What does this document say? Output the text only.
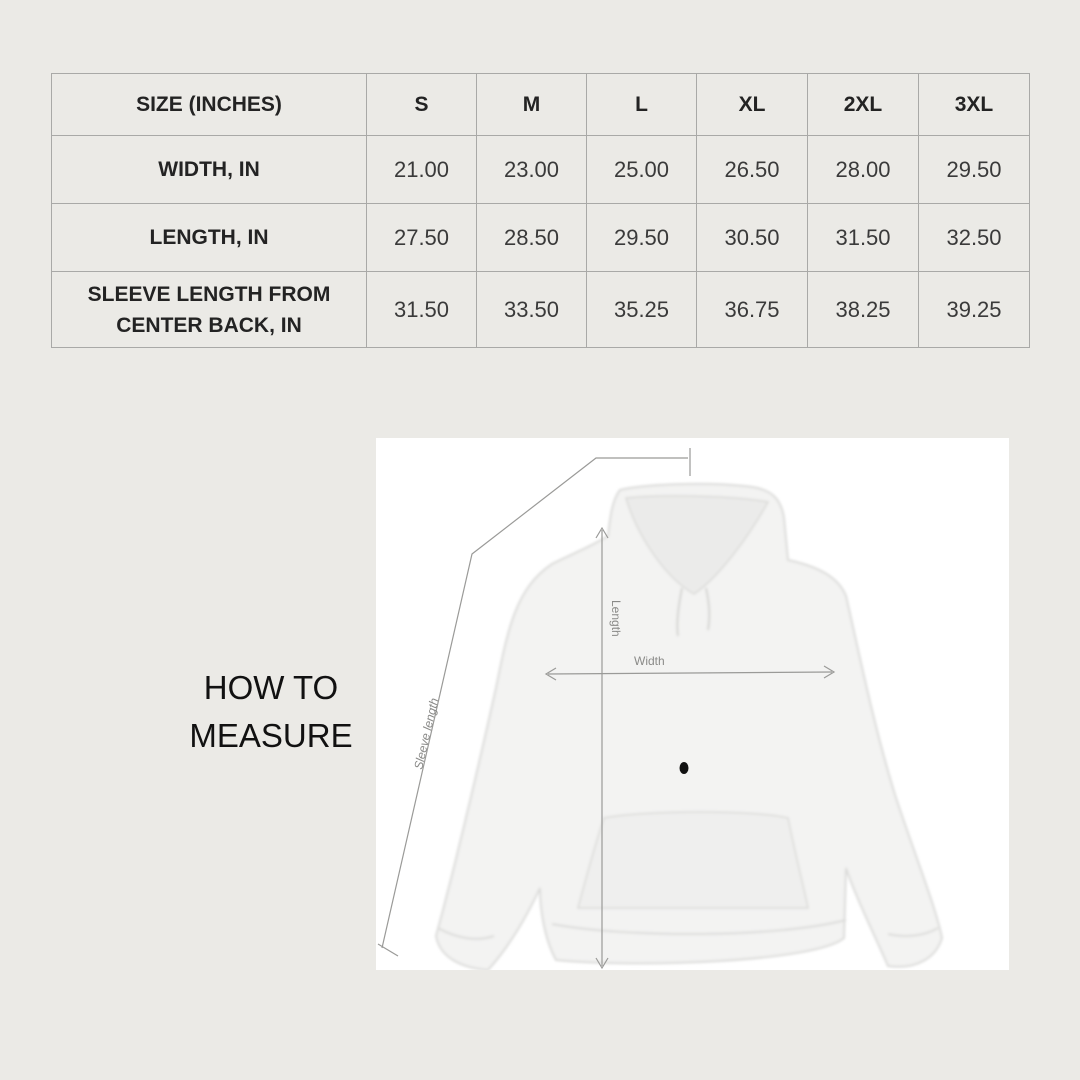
SIZE (INCHES)	S	M	L	XL	2XL	3XL
WIDTH, IN	21.00	23.00	25.00	26.50	28.00	29.50
LENGTH, IN	27.50	28.50	29.50	30.50	31.50	32.50
SLEEVE LENGTH FROM CENTER BACK, IN	31.50	33.50	35.25	36.75	38.25	39.25
HOW TO
MEASURE	Sleeve length
Length
Width
